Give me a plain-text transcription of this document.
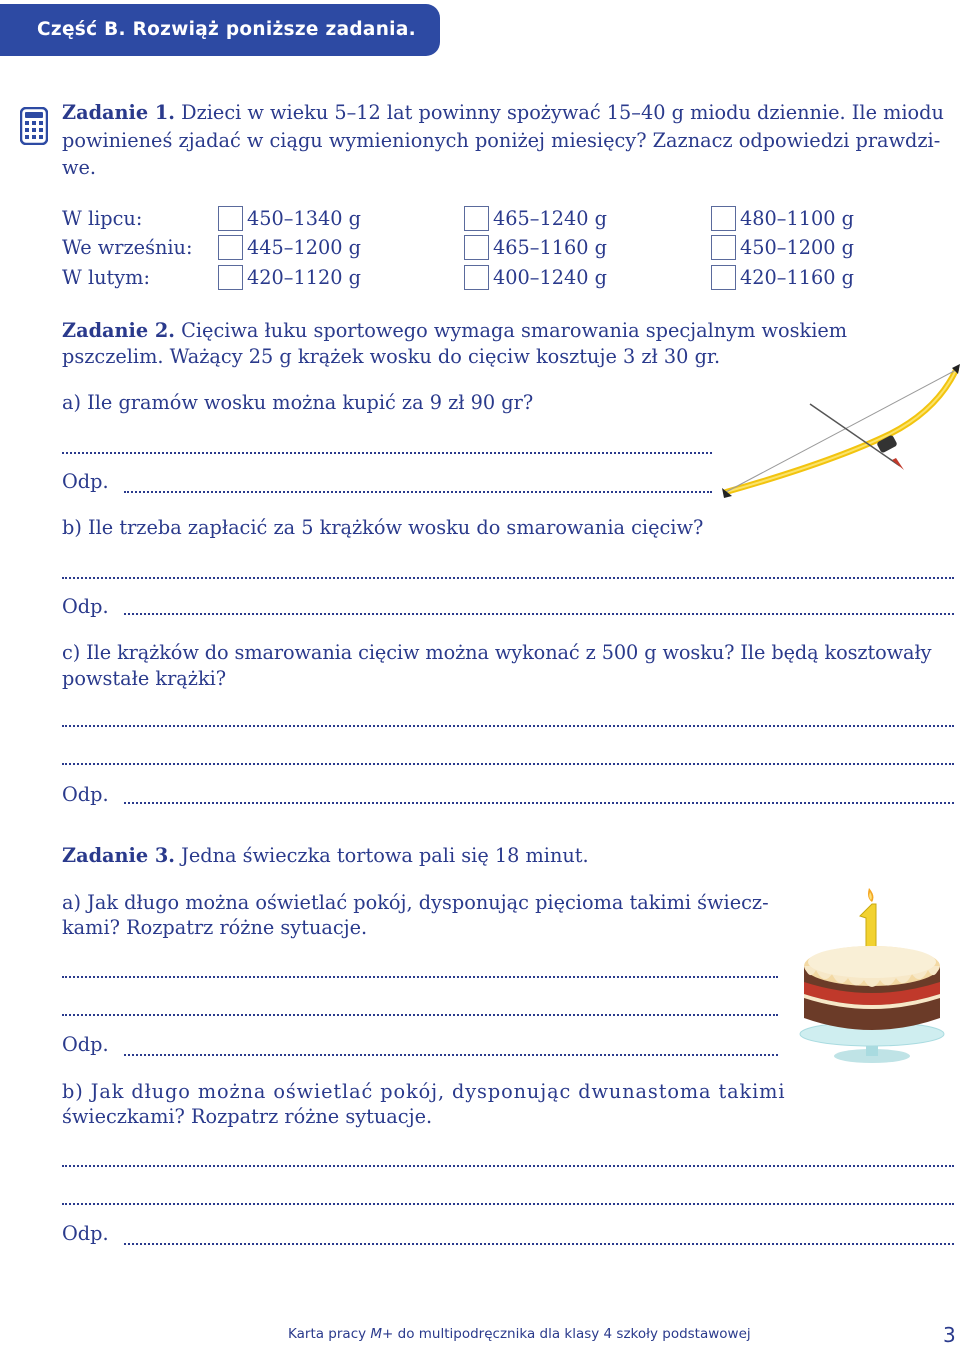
Część B. Rozwiąż poniższe zadania.
Zadanie 1. Dzieci w wieku 5–12 lat powinny spożywać 15–40 g miodu dziennie. Ile miodu
powinieneś zjadać w ciągu wymienionych poniżej miesięcy? Zaznacz odpowiedzi prawdzi-
we.
W lipcu:	450–1340 g	465–1240 g	480–1100 g
We wrześniu:	445–1200 g	465–1160 g	450–1200 g
W lutym:	420–1120 g	400–1240 g	420–1160 g
Zadanie 2. Cięciwa łuku sportowego wymaga smarowania specjalnym woskiem
pszczelim. Ważący 25 g krążek wosku do cięciw kosztuje 3 zł 30 gr.
a) Ile gramów wosku można kupić za 9 zł 90 gr?
Odp.
b) Ile trzeba zapłacić za 5 krążków wosku do smarowania cięciw?
Odp.
c) Ile krążków do smarowania cięciw można wykonać z 500 g wosku? Ile będą kosztowały
powstałe krążki?
Odp.
Zadanie 3. Jedna świeczka tortowa pali się 18 minut.
a) Jak długo można oświetlać pokój, dysponując pięcioma takimi świecz-
kami? Rozpatrz różne sytuacje.
Odp.
b) Jak długo można oświetlać pokój, dysponując dwunastoma takimi
świeczkami? Rozpatrz różne sytuacje.
Odp.
Karta pracy M+ do multipodręcznika dla klasy 4 szkoły podstawowej	3
